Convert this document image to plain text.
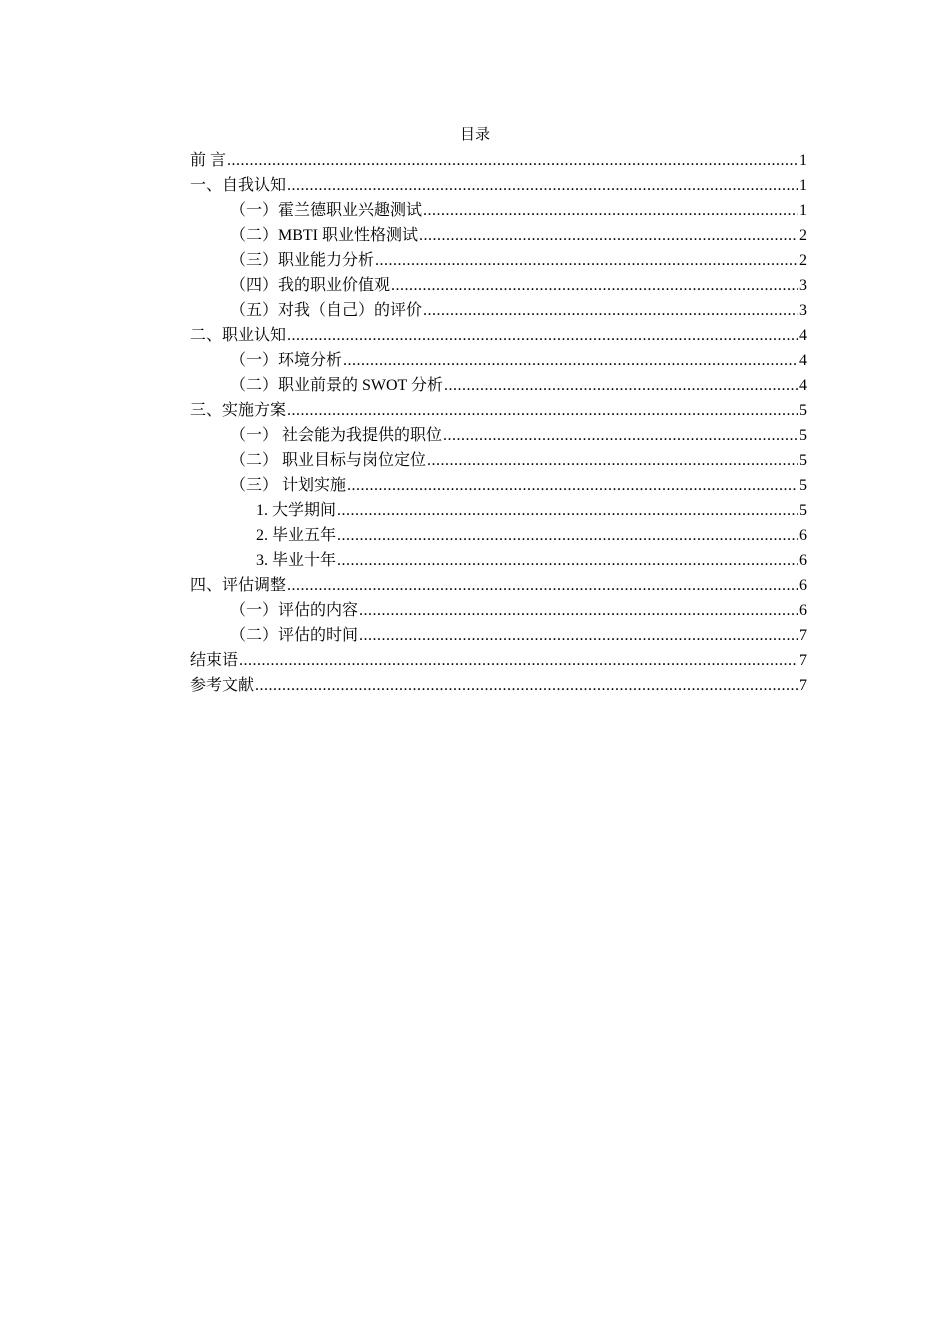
目录
前 言 .....	1
一、自我认知 .....	1
（一）霍兰德职业兴趣测试 .....	1
（二）MBTI 职业性格测试 .....	2
（三）职业能力分析 .....	2
（四）我的职业价值观 .....	3
（五）对我（自己）的评价 .....	3
二、职业认知 .....	4
（一）环境分析 .....	4
（二）职业前景的 SWOT 分析 .....	4
三、实施方案 .....	5
（一） 社会能为我提供的职位 .....	5
（二） 职业目标与岗位定位 .....	5
（三） 计划实施 .....	5
1. 大学期间 .....	5
2. 毕业五年 .....	6
3. 毕业十年 .....	6
四、评估调整 .....	6
（一）评估的内容 .....	6
（二）评估的时间 .....	7
结束语 .....	7
参考文献 .....	7
